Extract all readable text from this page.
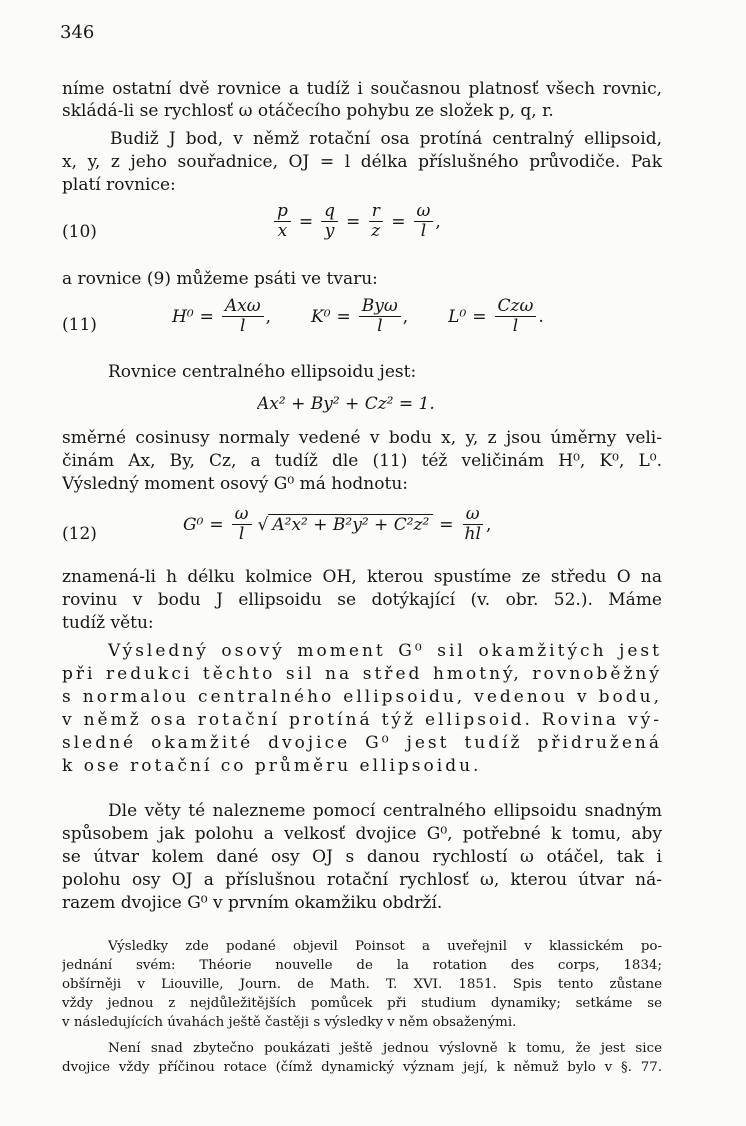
346
níme ostatní dvě rovnice a tudíž i současnou platnosť všech rovnic,
skládá-li se rychlosť ω otáčecího pohybu ze složek p, q, r.
Budiž J bod, v němž rotační osa protíná centralný ellipsoid,
x, y, z jeho souřadnice, OJ = l délka příslušného průvodiče. Pak
platí rovnice:
(10)	$\frac{p}{x} = \frac{q}{y} = \frac{r}{z} = \frac{\omega}{l}$ ,
a rovnice (9) můžeme psáti ve tvaru:
(11)	$H^0 = \frac{\text{Axω}}{l}$ , $K^0 = \frac{\text{Byω}}{l}$ , $L^0 = \frac{\text{Czω}}{l}$ .
Rovnice centralného ellipsoidu jest:
Ax² + By² + Cz² = 1.
směrné cosinusy normaly vedené v bodu x, y, z jsou úměrny veli-
činám Ax, By, Cz, a tudíž dle (11) též veličinám H⁰, K⁰, L⁰.
Výsledný moment osový G⁰ má hodnotu:
(12)	$G^0 = \frac{\omega}{l}$ √ $A^2x^2 + B^2y^2 + C^2z^2 = \frac{\omega}{hl}$ ,
znamená-li h délku kolmice OH, kterou spustíme ze středu O na
rovinu v bodu J ellipsoidu se dotýkající (v. obr. 52.). Máme
tudíž větu:
Výsledný osový moment G⁰ sil okamžitých jest
při redukci těchto sil na střed hmotný, rovnoběžný
s normalou centralného ellipsoidu, vedenou v bodu,
v němž osa rotační protíná týž ellipsoid. Rovina vý-
sledné okamžité dvojice G⁰ jest tudíž přidružená
k ose rotační co průměru ellipsoidu.
Dle věty té nalezneme pomocí centralného ellipsoidu snadným
spůsobem jak polohu a velkosť dvojice G⁰, potřebné k tomu, aby
se útvar kolem dané osy OJ s danou rychlostí ω otáčel, tak i
polohu osy OJ a příslušnou rotační rychlosť ω, kterou útvar ná-
razem dvojice G⁰ v prvním okamžiku obdrží.
Výsledky zde podané objevil Poinsot a uveřejnil v klassickém po-
jednání svém: Théorie nouvelle de la rotation des corps, 1834;
obšírněji v Liouville, Journ. de Math. T. XVI. 1851. Spis tento zůstane
vždy jednou z nejdůležitějších pomůcek při studium dynamiky; setkáme se
v následujících úvahách ještě častěji s výsledky v něm obsaženými.
Není snad zbytečno poukázati ještě jednou výslovně k tomu, že jest sice
dvojice vždy příčinou rotace (čímž dynamický význam její, k němuž bylo v §. 77.
